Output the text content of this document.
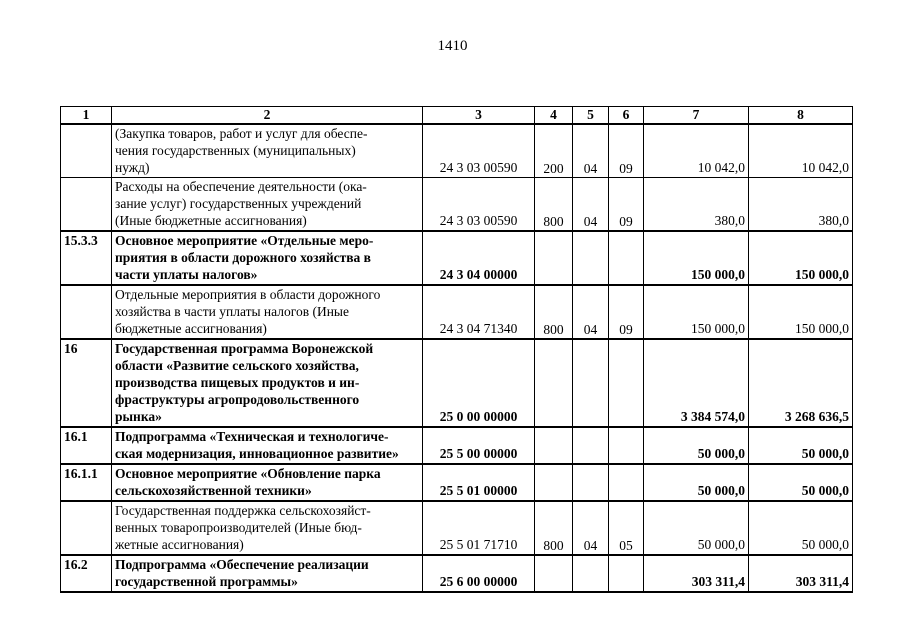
1410
1	2	3	4	5	6	7	8
	(Закупка товаров, работ и услуг для обеспе-
чения государственных (муниципальных)
нужд)	24 3 03 00590	200	04	09	10 042,0	10 042,0
	Расходы на обеспечение деятельности (ока-
зание услуг) государственных учреждений
(Иные бюджетные ассигнования)	24 3 03 00590	800	04	09	380,0	380,0
15.3.3	Основное мероприятие «Отдельные меро-
приятия в области дорожного хозяйства в
части уплаты налогов»	24 3 04 00000				150 000,0	150 000,0
	Отдельные мероприятия в области дорожного
хозяйства в части уплаты налогов (Иные
бюджетные ассигнования)	24 3 04 71340	800	04	09	150 000,0	150 000,0
16	Государственная программа Воронежской
области «Развитие сельского хозяйства,
производства пищевых продуктов и ин-
фраструктуры агропродовольственного
рынка»	25 0 00 00000				3 384 574,0	3 268 636,5
16.1	Подпрограмма «Техническая и технологиче-
ская модернизация, инновационное развитие»	25 5 00 00000				50 000,0	50 000,0
16.1.1	Основное мероприятие «Обновление парка
сельскохозяйственной техники»	25 5 01 00000				50 000,0	50 000,0
	Государственная поддержка сельскохозяйст-
венных товаропроизводителей (Иные бюд-
жетные ассигнования)	25 5 01 71710	800	04	05	50 000,0	50 000,0
16.2	Подпрограмма «Обеспечение реализации
государственной программы»	25 6 00 00000				303 311,4	303 311,4
